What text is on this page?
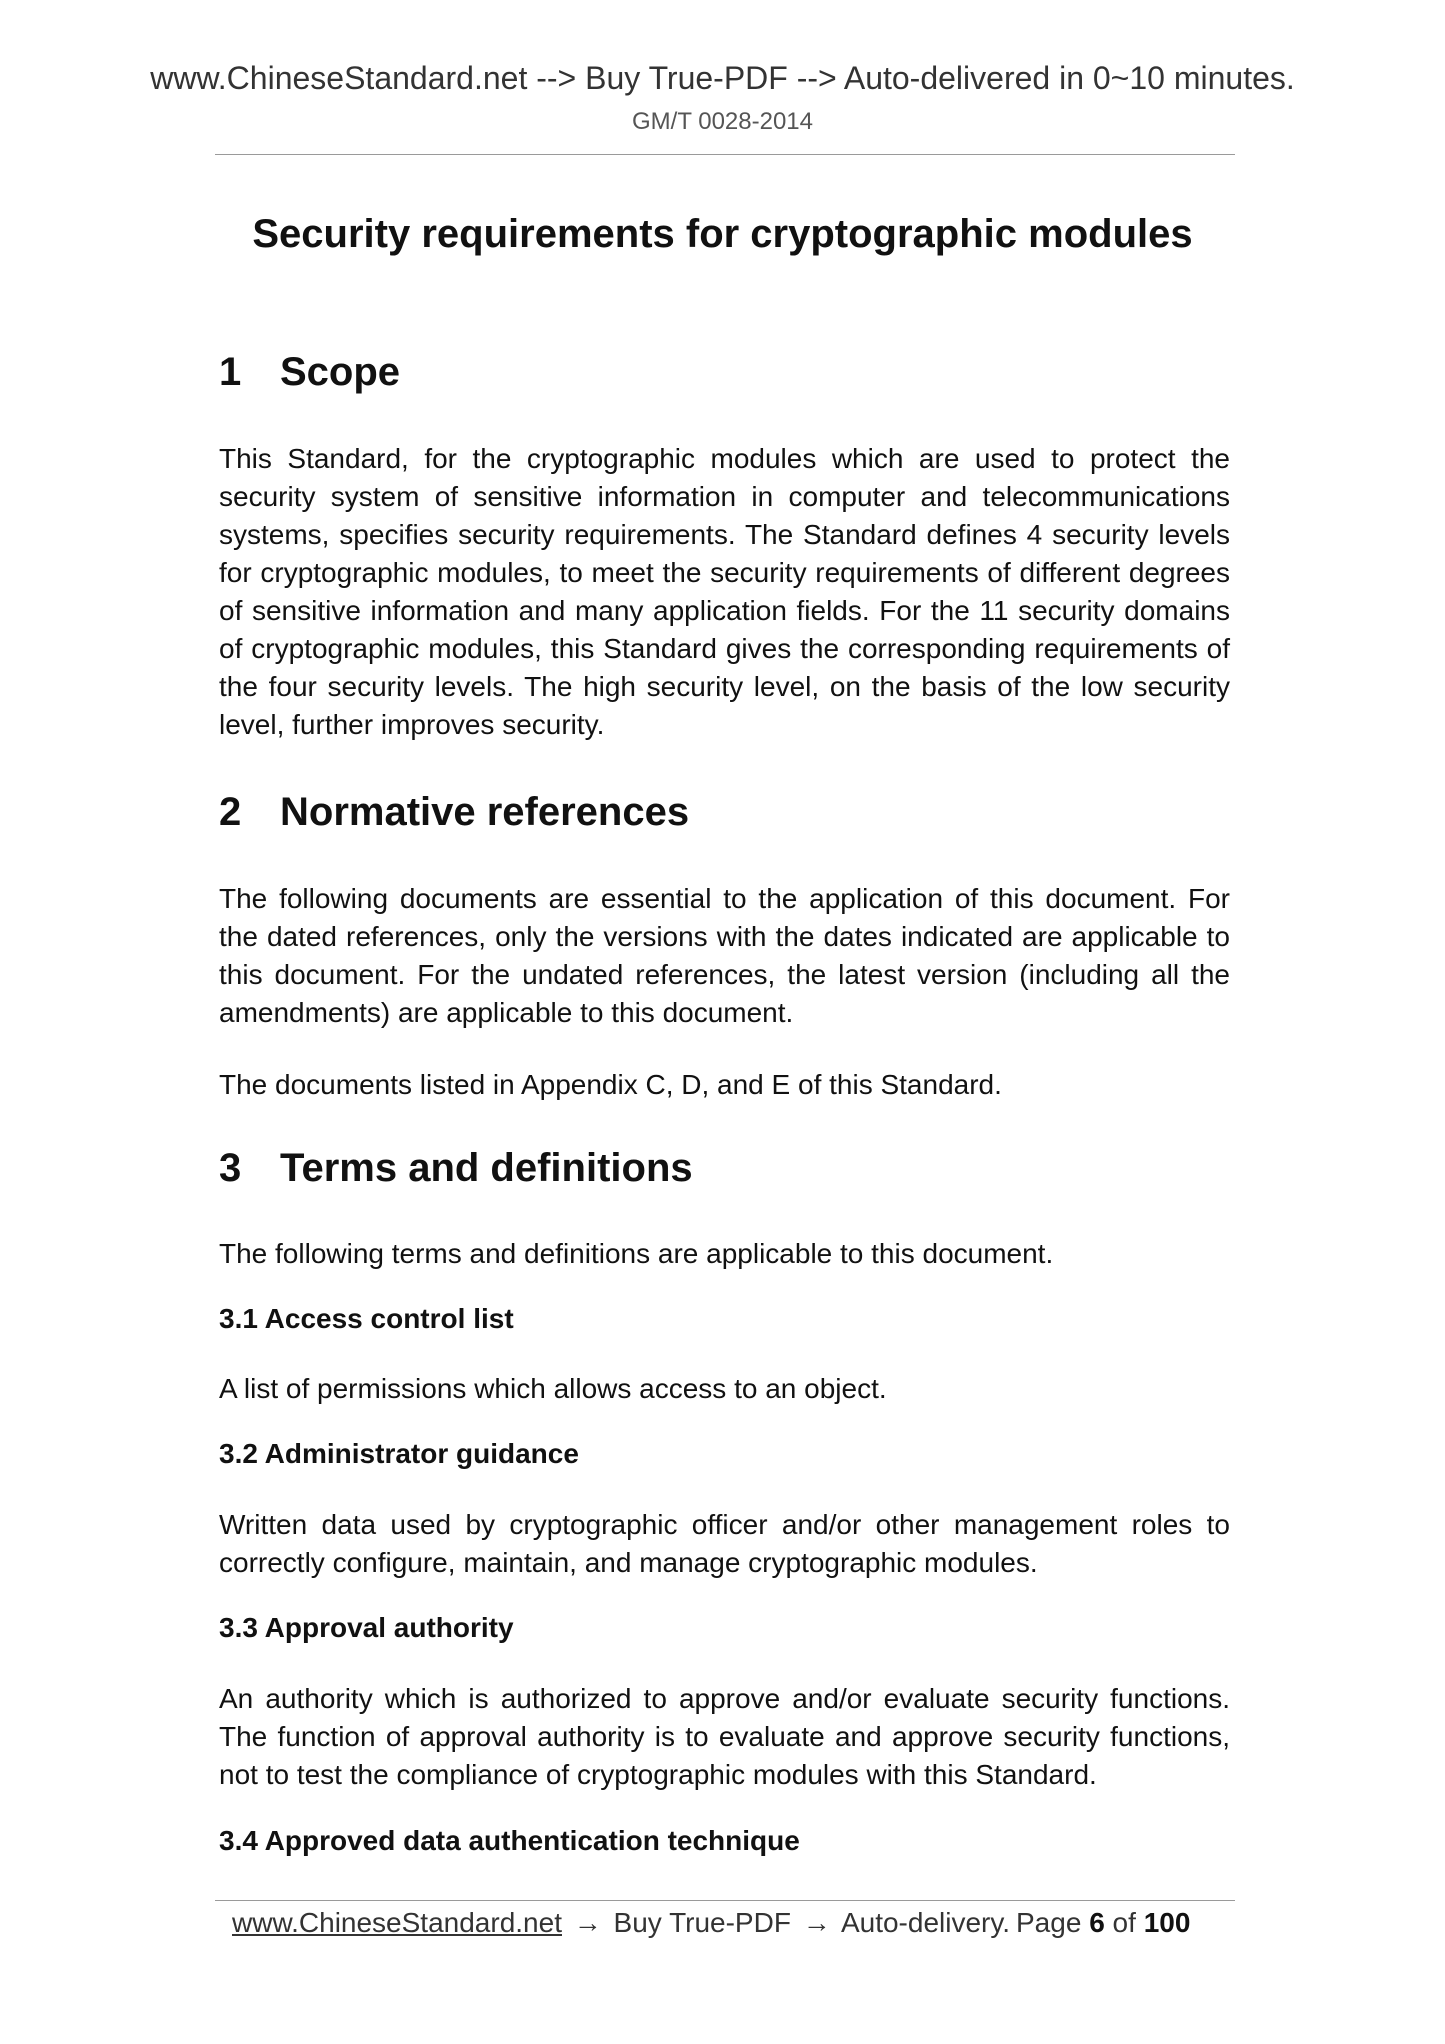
www.ChineseStandard.net --> Buy True-PDF --> Auto-delivered in 0~10 minutes.
GM/T 0028-2014
Security requirements for cryptographic modules
1 Scope
This Standard, for the cryptographic modules which are used to protect the security system of sensitive information in computer and telecommunications systems, specifies security requirements. The Standard defines 4 security levels for cryptographic modules, to meet the security requirements of different degrees of sensitive information and many application fields. For the 11 security domains of cryptographic modules, this Standard gives the corresponding requirements of the four security levels. The high security level, on the basis of the low security level, further improves security.
2 Normative references
The following documents are essential to the application of this document. For the dated references, only the versions with the dates indicated are applicable to this document. For the undated references, the latest version (including all the amendments) are applicable to this document.
The documents listed in Appendix C, D, and E of this Standard.
3 Terms and definitions
The following terms and definitions are applicable to this document.
3.1 Access control list
A list of permissions which allows access to an object.
3.2 Administrator guidance
Written data used by cryptographic officer and/or other management roles to correctly configure, maintain, and manage cryptographic modules.
3.3 Approval authority
An authority which is authorized to approve and/or evaluate security functions. The function of approval authority is to evaluate and approve security functions, not to test the compliance of cryptographic modules with this Standard.
3.4 Approved data authentication technique
www.ChineseStandard.net → Buy True-PDF → Auto-delivery. Page 6 of 100
